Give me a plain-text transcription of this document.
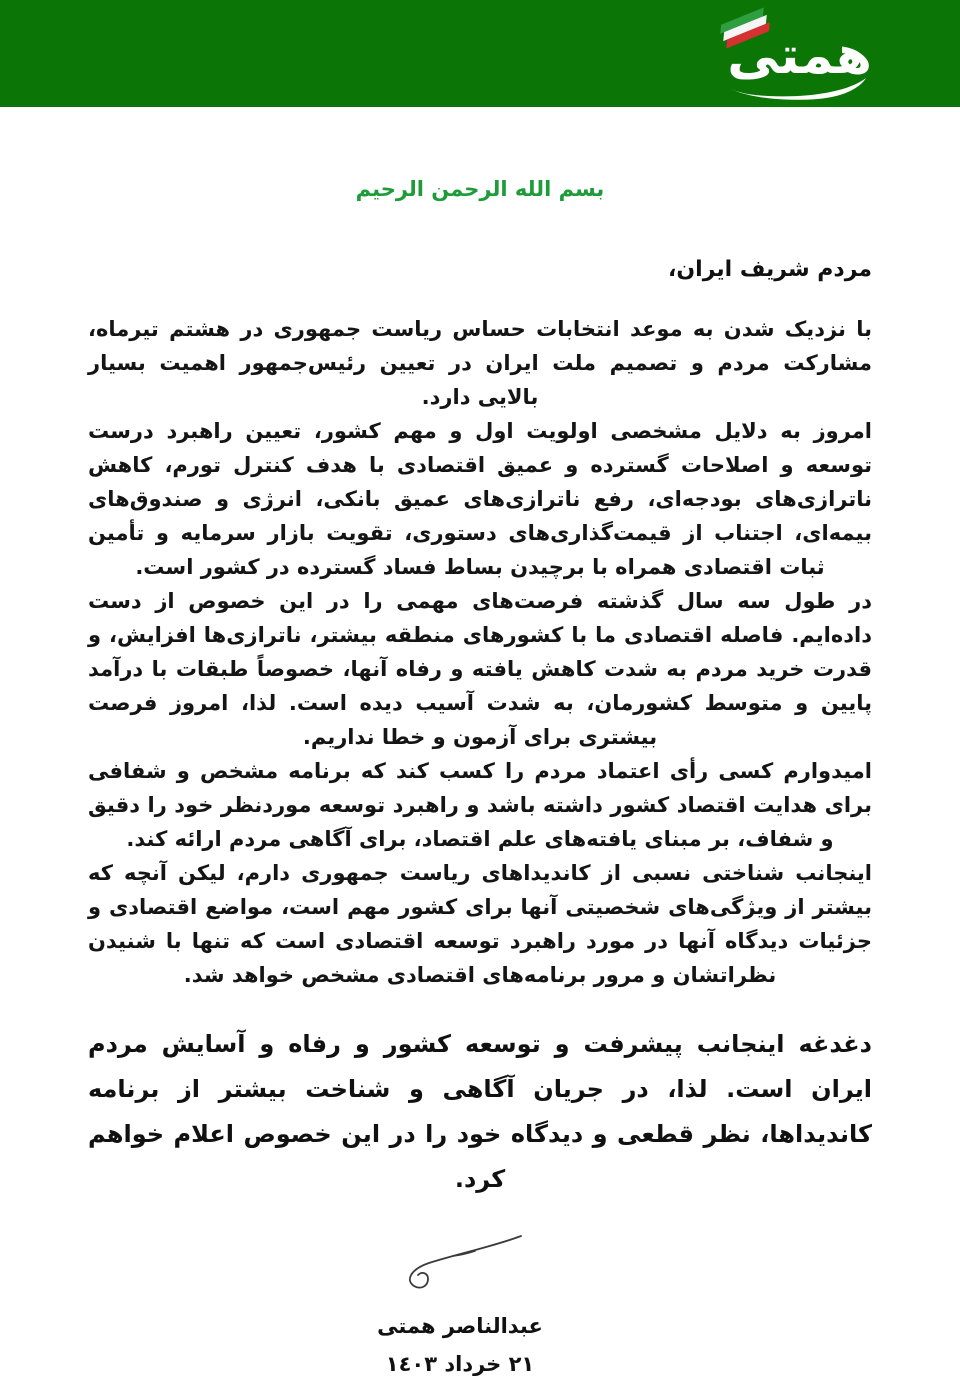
همتی
بسم الله الرحمن الرحیم
مردم شریف ایران،

با نزدیک شدن به موعد انتخابات حساس ریاست جمهوری در هشتم تیرماه، مشارکت مردم و تصمیم ملت ایران در تعیین رئیس‌جمهور اهمیت بسیار بالایی دارد.

امروز به دلایل مشخصی اولویت اول و مهم کشور، تعیین راهبرد درست توسعه و اصلاحات گسترده و عمیق اقتصادی با هدف کنترل تورم، کاهش ناترازی‌های بودجه‌ای، رفع ناترازی‌های عمیق بانکی، انرژی و صندوق‌های بیمه‌ای، اجتناب از قیمت‌گذاری‌های دستوری، تقویت بازار سرمایه و تأمین ثبات اقتصادی همراه با برچیدن بساط فساد گسترده در کشور است.

در طول سه سال گذشته فرصت‌های مهمی را در این خصوص از دست داده‌ایم. فاصله اقتصادی ما با کشورهای منطقه بیشتر، ناترازی‌ها افزایش، و قدرت خرید مردم به شدت کاهش یافته و رفاه آنها، خصوصاً طبقات با درآمد پایین و متوسط کشورمان، به شدت آسیب دیده است. لذا، امروز فرصت بیشتری برای آزمون و خطا نداریم.

امیدوارم کسی رأی اعتماد مردم را کسب کند که برنامه مشخص و شفافی برای هدایت اقتصاد کشور داشته باشد و راهبرد توسعه موردنظر خود را دقیق و شفاف، بر مبنای یافته‌های علم اقتصاد، برای آگاهی مردم ارائه کند.

اینجانب شناختی نسبی از کاندیداهای ریاست جمهوری دارم، لیکن آنچه که بیشتر از ویژگی‌های شخصیتی آنها برای کشور مهم است، مواضع اقتصادی و جزئیات دیدگاه آنها در مورد راهبرد توسعه اقتصادی است که تنها با شنیدن نظراتشان و مرور برنامه‌های اقتصادی مشخص خواهد شد.

دغدغه اینجانب پیشرفت و توسعه کشور و رفاه و آسایش مردم ایران است. لذا، در جریان آگاهی و شناخت بیشتر از برنامه کاندیداها، نظر قطعی و دیدگاه خود را در این خصوص اعلام خواهم کرد.
عبدالناصر همتی
۲۱ خرداد ۱٤۰۳
